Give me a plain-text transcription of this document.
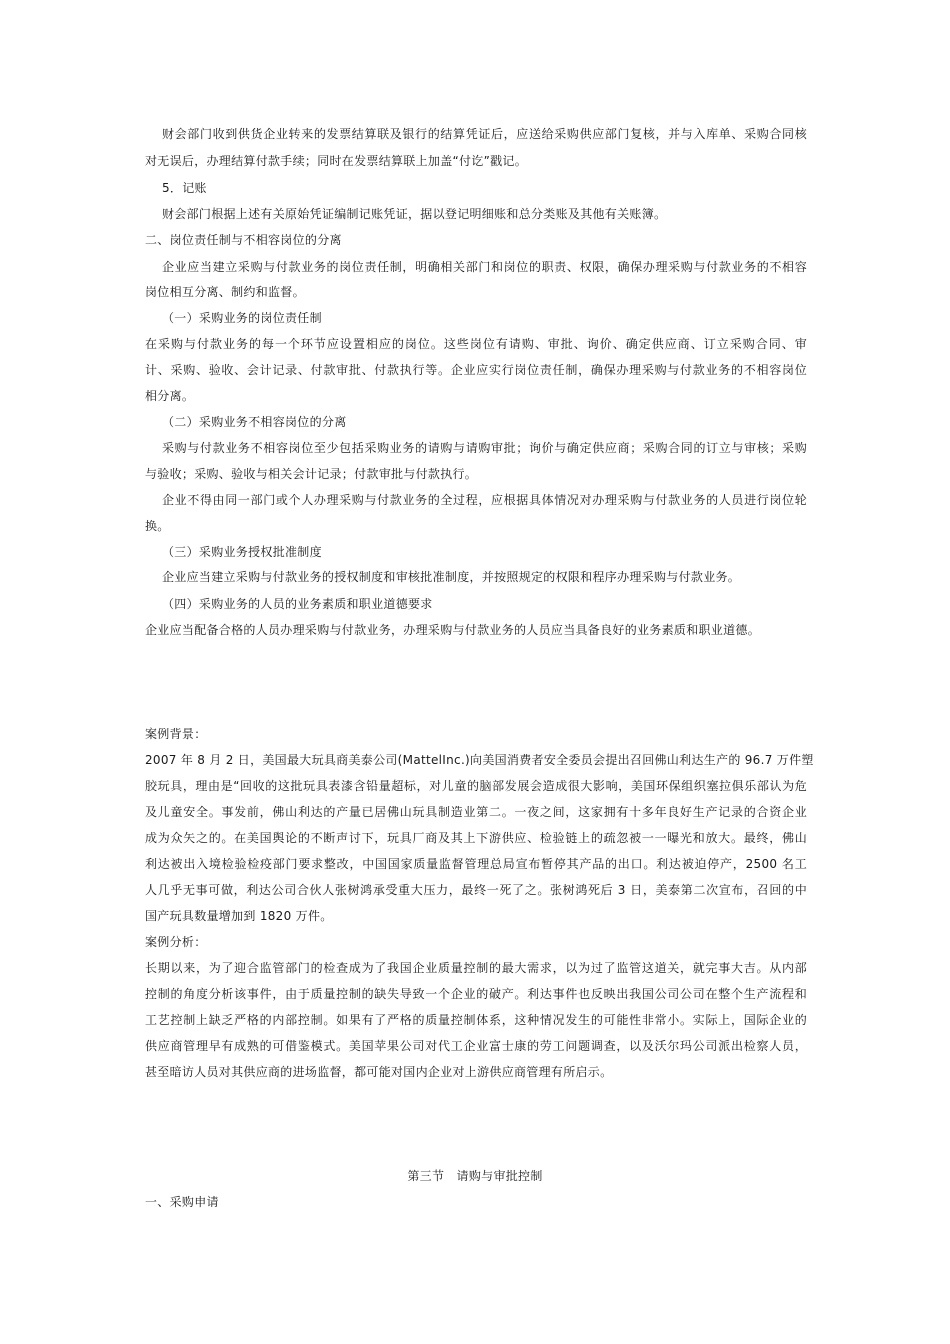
财会部门收到供货企业转来的发票结算联及银行的结算凭证后，应送给采购供应部门复核，并与入库单、采购合同核
对无误后，办理结算付款手续；同时在发票结算联上加盖“付讫”戳记。
5．记账
财会部门根据上述有关原始凭证编制记账凭证，据以登记明细账和总分类账及其他有关账簿。
二、岗位责任制与不相容岗位的分离
企业应当建立采购与付款业务的岗位责任制，明确相关部门和岗位的职责、权限，确保办理采购与付款业务的不相容
岗位相互分离、制约和监督。
（一）采购业务的岗位责任制
在采购与付款业务的每一个环节应设置相应的岗位。这些岗位有请购、审批、询价、确定供应商、订立采购合同、审
计、采购、验收、会计记录、付款审批、付款执行等。企业应实行岗位责任制，确保办理采购与付款业务的不相容岗位
相分离。
（二）采购业务不相容岗位的分离
采购与付款业务不相容岗位至少包括采购业务的请购与请购审批；询价与确定供应商；采购合同的订立与审核；采购
与验收；采购、验收与相关会计记录；付款审批与付款执行。
企业不得由同一部门或个人办理采购与付款业务的全过程，应根据具体情况对办理采购与付款业务的人员进行岗位轮
换。
（三）采购业务授权批准制度
企业应当建立采购与付款业务的授权制度和审核批准制度，并按照规定的权限和程序办理采购与付款业务。
（四）采购业务的人员的业务素质和职业道德要求
企业应当配备合格的人员办理采购与付款业务，办理采购与付款业务的人员应当具备良好的业务素质和职业道德。
案例背景：
2007 年 8 月 2 日，美国最大玩具商美泰公司(MattelInc.)向美国消费者安全委员会提出召回佛山利达生产的 96.7 万件塑
胶玩具，理由是“回收的这批玩具表漆含铅量超标，对儿童的脑部发展会造成很大影响，美国环保组织塞拉俱乐部认为危
及儿童安全。事发前，佛山利达的产量已居佛山玩具制造业第二。一夜之间，这家拥有十多年良好生产记录的合资企业
成为众矢之的。在美国舆论的不断声讨下，玩具厂商及其上下游供应、检验链上的疏忽被一一曝光和放大。最终，佛山
利达被出入境检验检疫部门要求整改，中国国家质量监督管理总局宣布暂停其产品的出口。利达被迫停产，2500 名工
人几乎无事可做，利达公司合伙人张树鸿承受重大压力，最终一死了之。张树鸿死后 3 日，美泰第二次宣布，召回的中
国产玩具数量增加到 1820 万件。
案例分析：
长期以来，为了迎合监管部门的检查成为了我国企业质量控制的最大需求，以为过了监管这道关，就完事大吉。从内部
控制的角度分析该事件，由于质量控制的缺失导致一个企业的破产。利达事件也反映出我国公司公司在整个生产流程和
工艺控制上缺乏严格的内部控制。如果有了严格的质量控制体系，这种情况发生的可能性非常小。实际上，国际企业的
供应商管理早有成熟的可借鉴模式。美国苹果公司对代工企业富士康的劳工问题调查，以及沃尔玛公司派出检察人员，
甚至暗访人员对其供应商的进场监督，都可能对国内企业对上游供应商管理有所启示。
第三节　请购与审批控制
一、采购申请
